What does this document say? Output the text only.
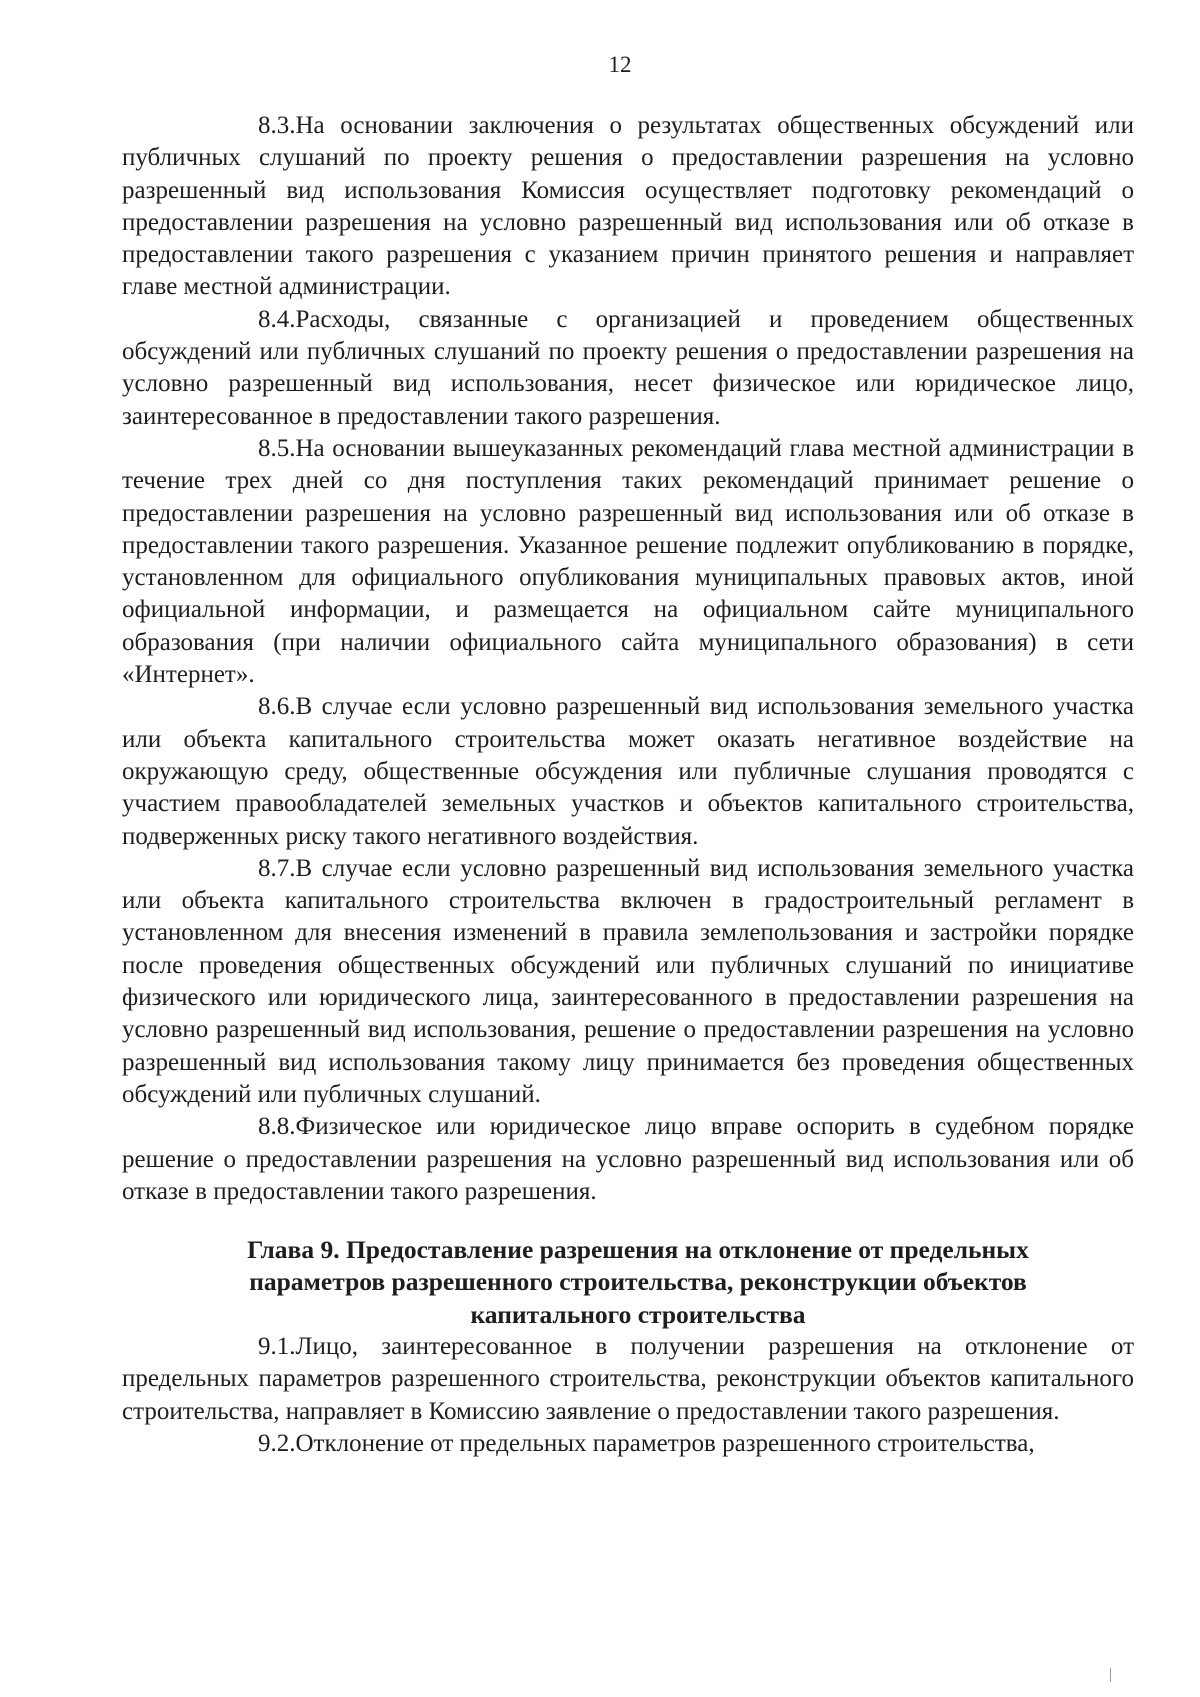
12

8.3.На основании заключения о результатах общественных обсуждений или публичных слушаний по проекту решения о предоставлении разрешения на условно разрешенный вид использования Комиссия осуществляет подготовку рекомендаций о предоставлении разрешения на условно разрешенный вид использования или об отказе в предоставлении такого разрешения с указанием причин принятого решения и направляет главе местной администрации.

8.4.Расходы, связанные с организацией и проведением общественных обсуждений или публичных слушаний по проекту решения о предоставлении разрешения на условно разрешенный вид использования, несет физическое или юридическое лицо, заинтересованное в предоставлении такого разрешения.

8.5.На основании вышеуказанных рекомендаций глава местной администрации в течение трех дней со дня поступления таких рекомендаций принимает решение о предоставлении разрешения на условно разрешенный вид использования или об отказе в предоставлении такого разрешения. Указанное решение подлежит опубликованию в порядке, установленном для официального опубликования муниципальных правовых актов, иной официальной информации, и размещается на официальном сайте муниципального образования (при наличии официального сайта муниципального образования) в сети «Интернет».

8.6.В случае если условно разрешенный вид использования земельного участка или объекта капитального строительства может оказать негативное воздействие на окружающую среду, общественные обсуждения или публичные слушания проводятся с участием правообладателей земельных участков и объектов капитального строительства, подверженных риску такого негативного воздействия.

8.7.В случае если условно разрешенный вид использования земельного участка или объекта капитального строительства включен в градостроительный регламент в установленном для внесения изменений в правила землепользования и застройки порядке после проведения общественных обсуждений или публичных слушаний по инициативе физического или юридического лица, заинтересованного в предоставлении разрешения на условно разрешенный вид использования, решение о предоставлении разрешения на условно разрешенный вид использования такому лицу принимается без проведения общественных обсуждений или публичных слушаний.

8.8.Физическое или юридическое лицо вправе оспорить в судебном порядке решение о предоставлении разрешения на условно разрешенный вид использования или об отказе в предоставлении такого разрешения.

Глава 9. Предоставление разрешения на отклонение от предельных параметров разрешенного строительства, реконструкции объектов капитального строительства

9.1.Лицо, заинтересованное в получении разрешения на отклонение от предельных параметров разрешенного строительства, реконструкции объектов капитального строительства, направляет в Комиссию заявление о предоставлении такого разрешения.

9.2.Отклонение от предельных параметров разрешенного строительства,
